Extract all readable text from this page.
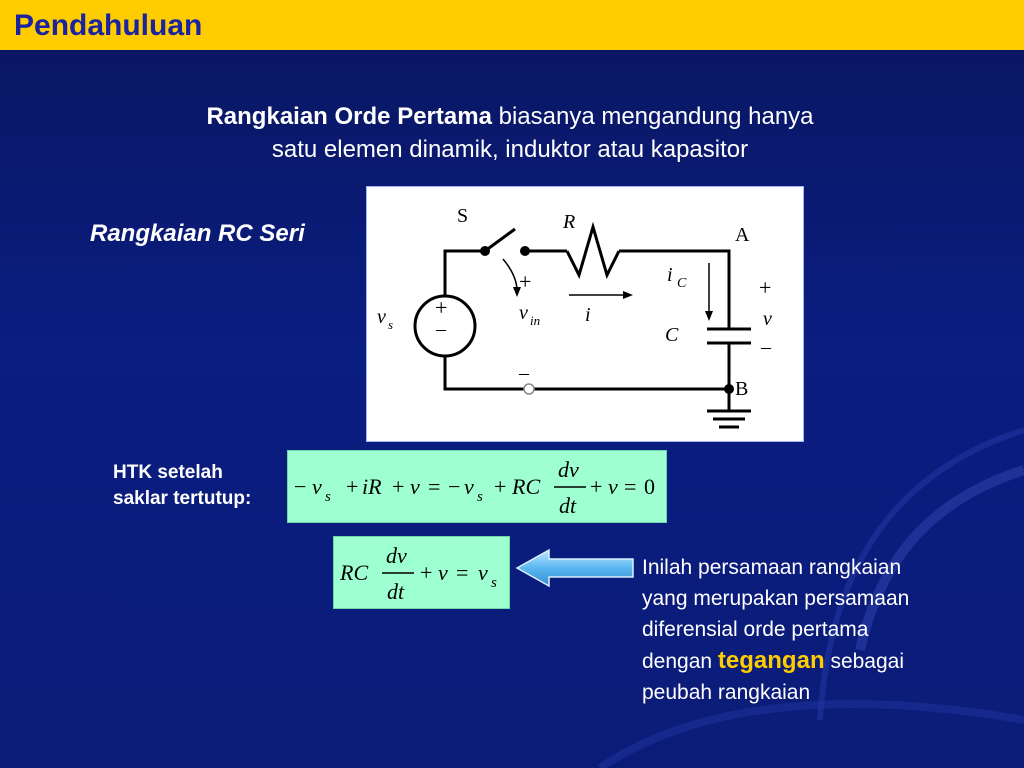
Pendahuluan
Rangkaian Orde Pertama biasanya mengandung hanya
satu elemen dinamik, induktor atau kapasitor
Rangkaian RC Seri
S	R
A
B
i C
C
+
v
–
+
v in
–
i
v s
+
–
HTK setelah
saklar tertutup: − v s + iR + v = − v s + RC
dv
dt
+ v = 0
RC
dv
dt
+ v = v s
Inilah persamaan rangkaian
yang merupakan persamaan
diferensial orde pertama
dengan tegangan sebagai
peubah rangkaian
